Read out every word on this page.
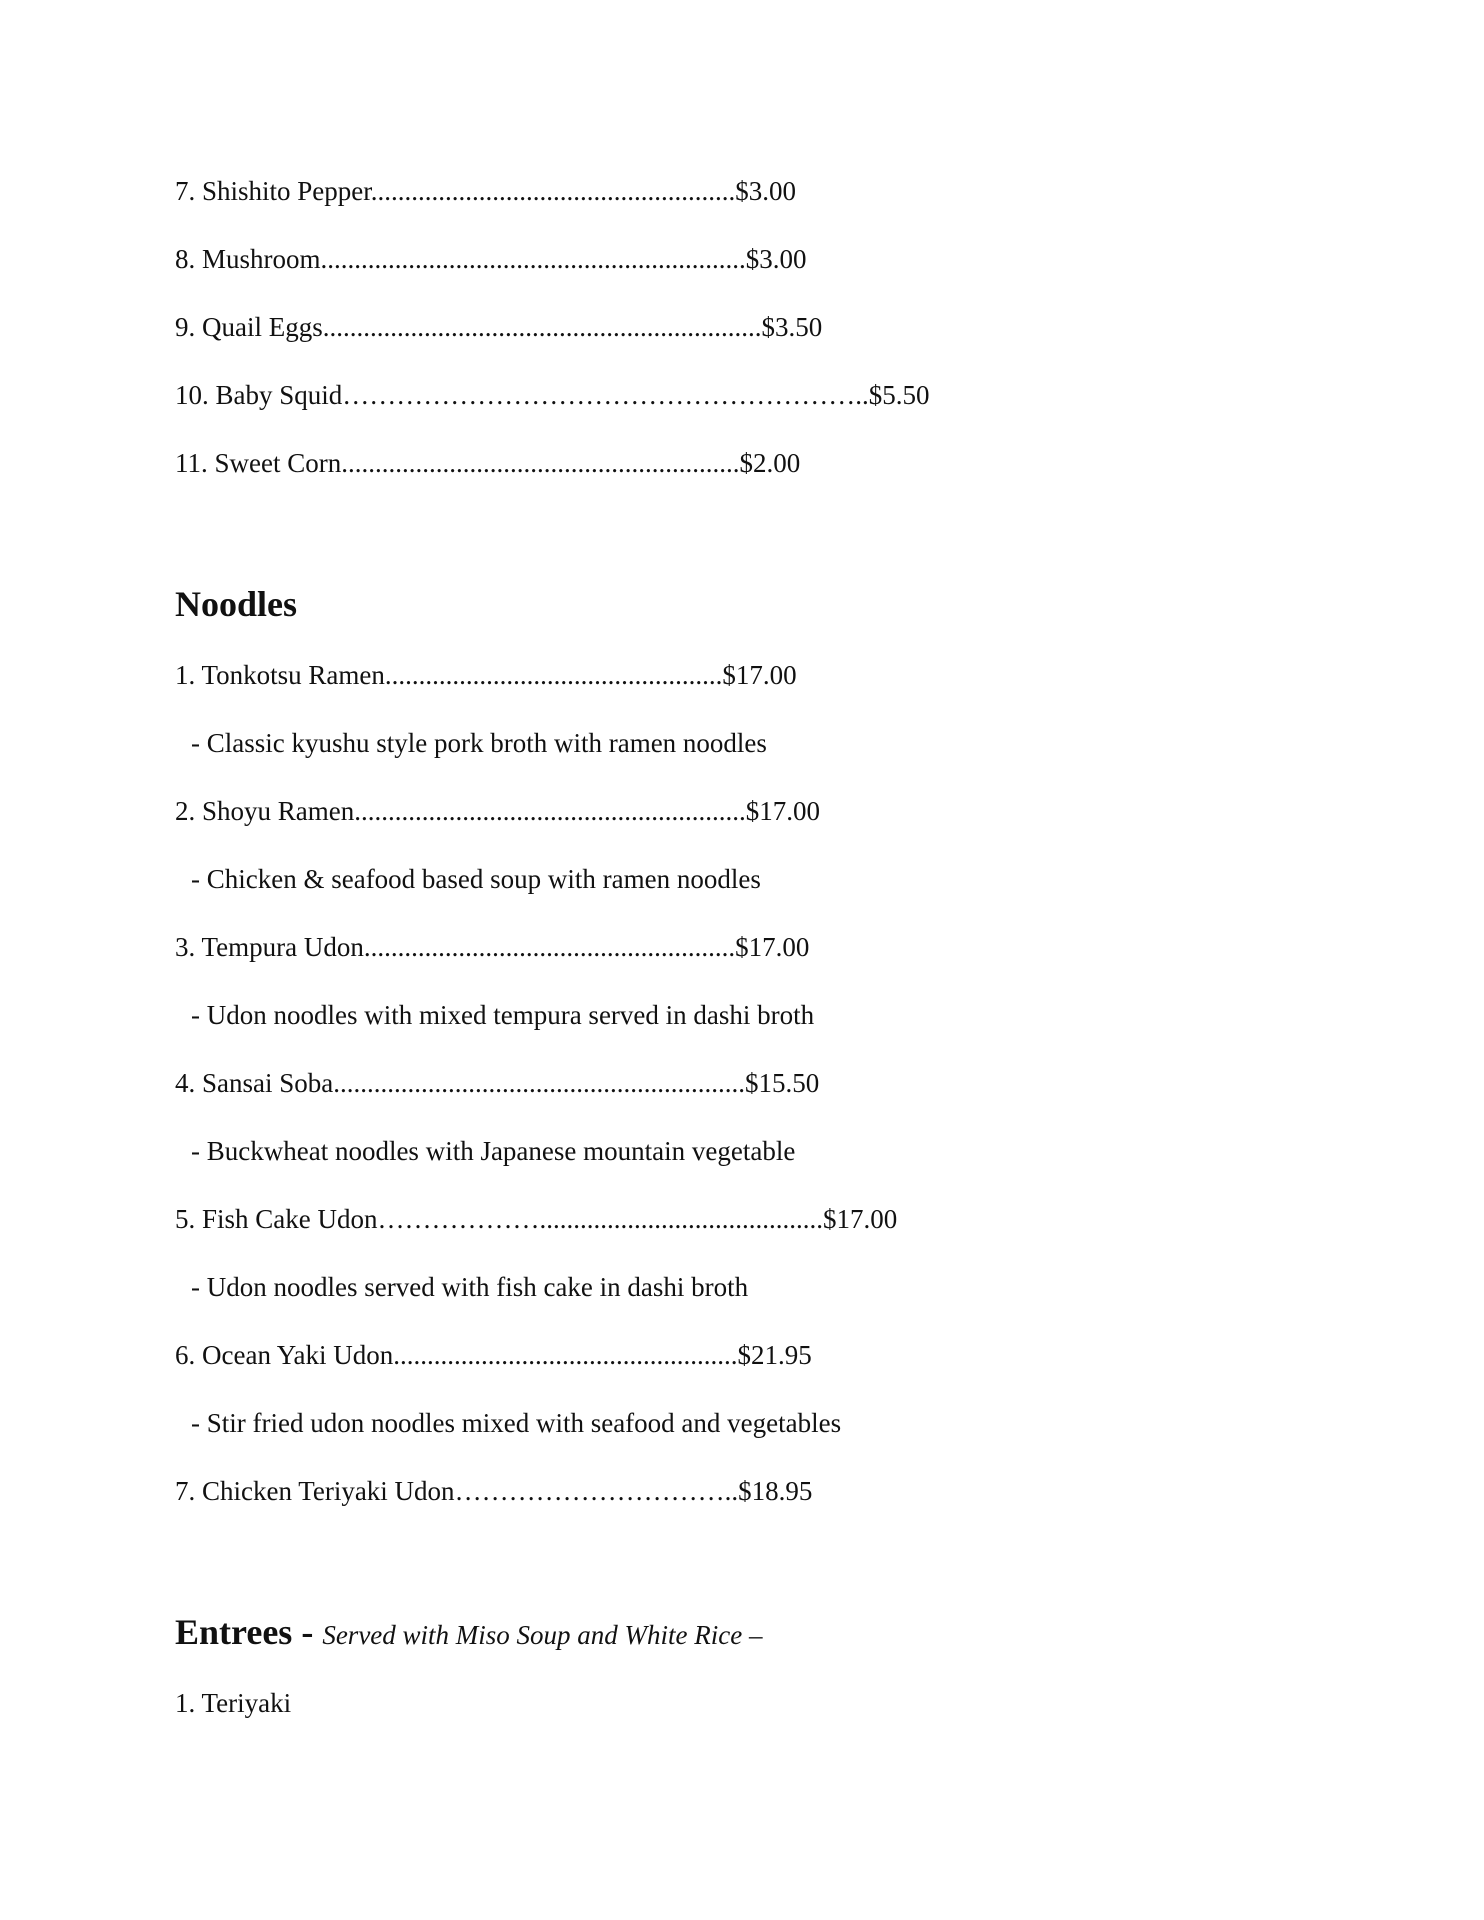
7. Shishito Pepper......................................................$3.00
8. Mushroom...............................................................$3.00
9. Quail Eggs.................................................................$3.50
10. Baby Squid…………………………………………………..$5.50
11. Sweet Corn...........................................................$2.00
Noodles
1. Tonkotsu Ramen..................................................$17.00
- Classic kyushu style pork broth with ramen noodles
2. Shoyu Ramen..........................................................$17.00
- Chicken & seafood based soup with ramen noodles
3. Tempura Udon.......................................................$17.00
- Udon noodles with mixed tempura served in dashi broth
4. Sansai Soba.............................................................$15.50
- Buckwheat noodles with Japanese mountain vegetable
5. Fish Cake Udon………………..........................................$17.00
- Udon noodles served with fish cake in dashi broth
6. Ocean Yaki Udon...................................................$21.95
- Stir fried udon noodles mixed with seafood and vegetables
7. Chicken Teriyaki Udon…………………………..$18.95
Entrees - Served with Miso Soup and White Rice –
1. Teriyaki
